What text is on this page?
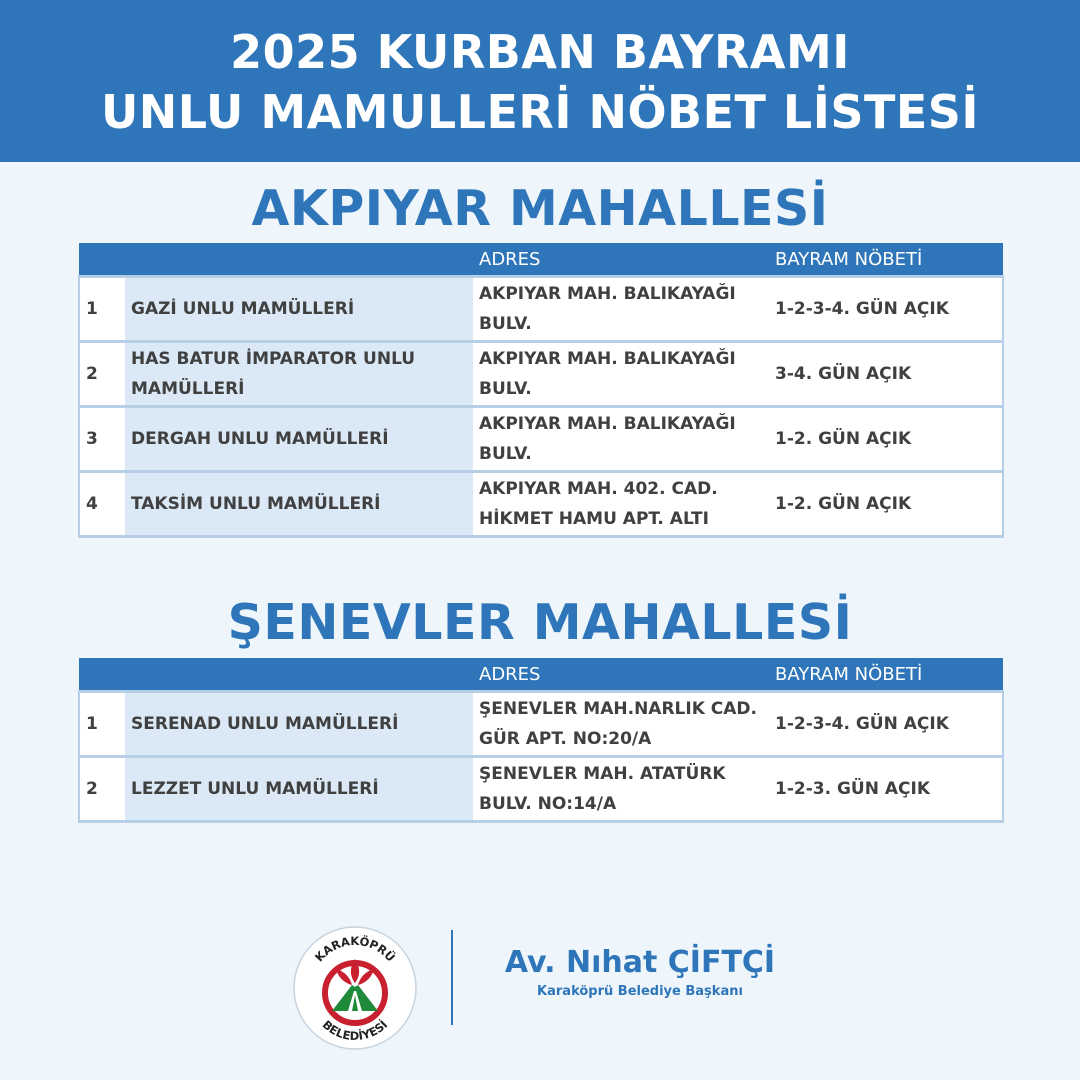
2025 KURBAN BAYRAMI
UNLU MAMULLERİ NÖBET LİSTESİ
AKPIYAR MAHALLESİ
		ADRES	BAYRAM NÖBETİ
1	GAZİ UNLU MAMÜLLERİ	AKPIYAR MAH. BALIKAYAĞI BULV.	1-2-3-4. GÜN AÇIK
2	HAS BATUR İMPARATOR UNLU MAMÜLLERİ	AKPIYAR MAH. BALIKAYAĞI BULV.	3-4. GÜN AÇIK
3	DERGAH UNLU MAMÜLLERİ	AKPIYAR MAH. BALIKAYAĞI BULV.	1-2. GÜN AÇIK
4	TAKSİM UNLU MAMÜLLERİ	AKPIYAR MAH. 402. CAD. HİKMET HAMU APT. ALTI	1-2. GÜN AÇIK
ŞENEVLER MAHALLESİ
		ADRES	BAYRAM NÖBETİ
1	SERENAD UNLU MAMÜLLERİ	ŞENEVLER MAH.NARLIK CAD. GÜR APT. NO:20/A	1-2-3-4. GÜN AÇIK
2	LEZZET UNLU MAMÜLLERİ	ŞENEVLER MAH. ATATÜRK BULV. NO:14/A	1-2-3. GÜN AÇIK
KARAKÖPRÜ
BELEDİYESİ
Av. Nıhat ÇİFTÇİ
Karaköprü Belediye Başkanı
